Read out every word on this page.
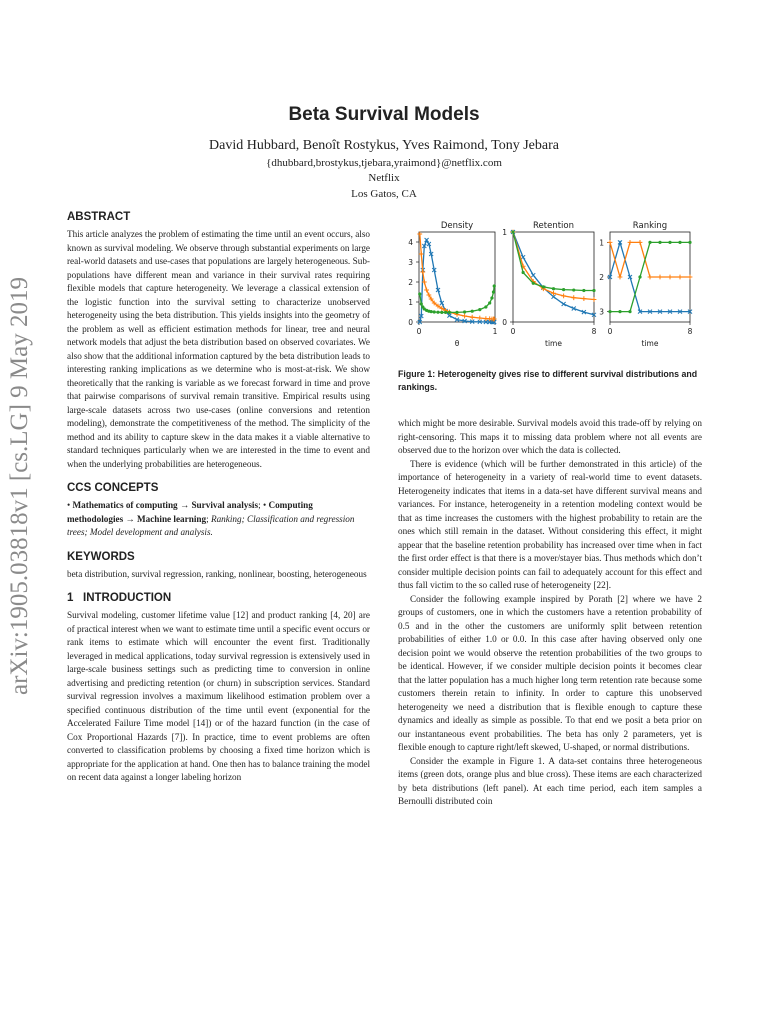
arXiv:1905.03818v1 [cs.LG] 9 May 2019
Beta Survival Models
David Hubbard, Benoît Rostykus, Yves Raimond, Tony Jebara
{dhubbard,brostykus,tjebara,yraimond}@netflix.com
Netflix
Los Gatos, CA
ABSTRACT
This article analyzes the problem of estimating the time until an event occurs, also known as survival modeling. We observe through substantial experiments on large real-world datasets and use-cases that populations are largely heterogeneous. Sub-populations have different mean and variance in their survival rates requiring flexible models that capture heterogeneity. We leverage a classical extension of the logistic function into the survival setting to characterize unobserved heterogeneity using the beta distribution. This yields insights into the geometry of the problem as well as efficient estimation methods for linear, tree and neural network models that adjust the beta distribution based on observed covariates. We also show that the additional information captured by the beta distribution leads to interesting ranking implications as we determine who is most-at-risk. We show theoretically that the ranking is variable as we forecast forward in time and prove that pairwise comparisons of survival remain transitive. Empirical results using large-scale datasets across two use-cases (online conversions and retention modeling), demonstrate the competitiveness of the method. The simplicity of the method and its ability to capture skew in the data makes it a viable alternative to standard techniques particularly when we are interested in the time to event and when the underlying probabilities are heterogeneous.
CCS CONCEPTS
• Mathematics of computing → Survival analysis; • Computing methodologies → Machine learning; Ranking; Classification and regression trees; Model development and analysis.
KEYWORDS
beta distribution, survival regression, ranking, nonlinear, boosting, heterogeneous
1 INTRODUCTION
Survival modeling, customer lifetime value [12] and product ranking [4, 20] are of practical interest when we want to estimate time until a specific event occurs or rank items to estimate which will encounter the event first. Traditionally leveraged in medical applications, today survival regression is extensively used in large-scale business settings such as predicting time to conversion in online advertising and predicting retention (or churn) in subscription services. Standard survival regression involves a maximum likelihood estimation problem over a specified continuous distribution of the time until event (exponential for the Accelerated Failure Time model [14]) or of the hazard function (in the case of Cox Proportional Hazards [7]). In practice, time to event problems are often converted to classification problems by choosing a fixed time horizon which is appropriate for the application at hand. One then has to balance training the model on recent data against a longer labeling horizon
Density
0	1
0
1
2
3
4
θ
Retention
0	8
0
1
time
Ranking
0	8
1
2
3
time
Figure 1: Heterogeneity gives rise to different survival distributions and rankings.

which might be more desirable. Survival models avoid this trade-off by relying on right-censoring. This maps it to missing data problem where not all events are observed due to the horizon over which the data is collected.

There is evidence (which will be further demonstrated in this article) of the importance of heterogeneity in a variety of real-world time to event datasets. Heterogeneity indicates that items in a data-set have different survival means and variances. For instance, heterogeneity in a retention modeling context would be that as time increases the customers with the highest probability to retain are the ones which still remain in the dataset. Without considering this effect, it might appear that the baseline retention probability has increased over time when in fact the first order effect is that there is a mover/stayer bias. Thus methods which don’t consider multiple decision points can fail to adequately account for this effect and thus fall victim to the so called ruse of heterogeneity [22].

Consider the following example inspired by Porath [2] where we have 2 groups of customers, one in which the customers have a retention probability of 0.5 and in the other the customers are uniformly split between retention probabilities of either 1.0 or 0.0. In this case after having observed only one decision point we would observe the retention probabilities of the two groups to be identical. However, if we consider multiple decision points it becomes clear that the latter population has a much higher long term retention rate because some customers therein retain to infinity. In order to capture this unobserved heterogeneity we need a distribution that is flexible enough to capture these dynamics and ideally as simple as possible. To that end we posit a beta prior on our instantaneous event probabilities. The beta has only 2 parameters, yet is flexible enough to capture right/left skewed, U-shaped, or normal distributions.

Consider the example in Figure 1. A data-set contains three heterogeneous items (green dots, orange plus and blue cross). These items are each characterized by beta distributions (left panel). At each time period, each item samples a Bernoulli distributed coin
